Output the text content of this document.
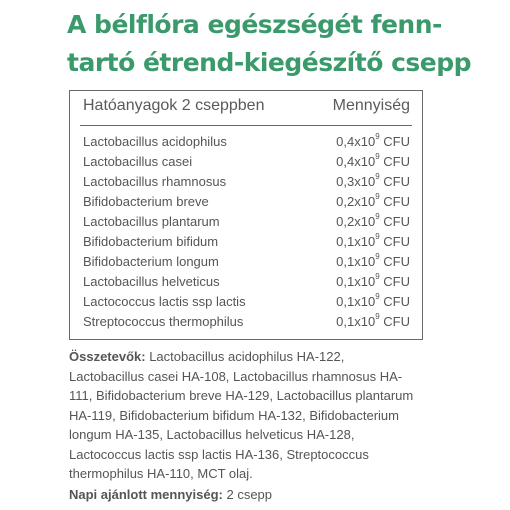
A bélflóra egészségét fenn-
tartó étrend-kiegészítő csepp
Hatóanyagok 2 cseppben	Mennyiség
Lactobacillus acidophilus	$0,4x10^9$ CFU
Lactobacillus casei	$0,4x10^9$ CFU
Lactobacillus rhamnosus	$0,3x10^9$ CFU
Bifidobacterium breve	$0,2x10^9$ CFU
Lactobacillus plantarum	$0,2x10^9$ CFU
Bifidobacterium bifidum	$0,1x10^9$ CFU
Bifidobacterium longum	$0,1x10^9$ CFU
Lactobacillus helveticus	$0,1x10^9$ CFU
Lactococcus lactis ssp lactis	$0,1x10^9$ CFU
Streptococcus thermophilus	$0,1x10^9$ CFU
Összetevők: Lactobacillus acidophilus HA-122, Lactobacillus casei HA-108, Lactobacillus rhamnosus HA-111, Bifidobacterium breve HA-129, Lactobacillus plantarum HA-119, Bifidobacterium bifidum HA-132, Bifidobacterium longum HA-135, Lactobacillus helveticus HA-128, Lactococcus lactis ssp lactis HA-136, Streptococcus thermophilus HA-110, MCT olaj.
Napi ajánlott mennyiség: 2 csepp
